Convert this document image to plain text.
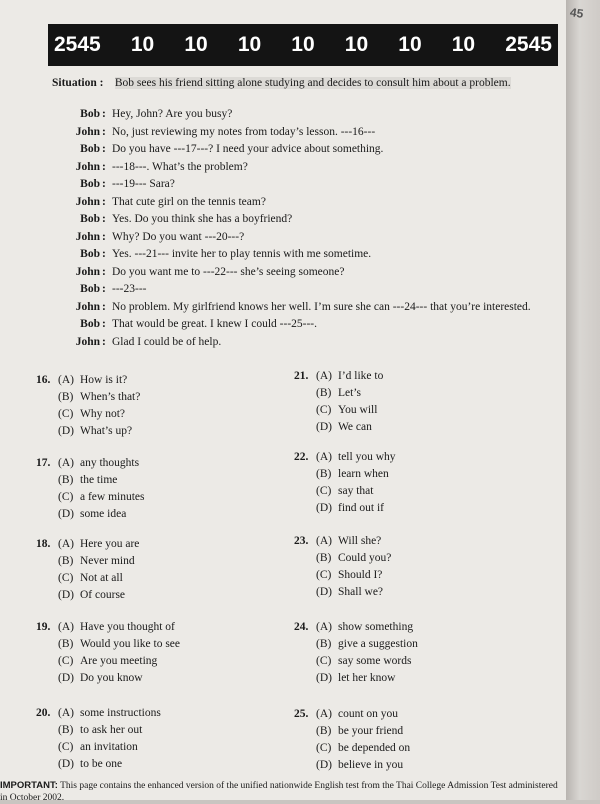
2545 10 10 10 10 10 10 10 2545
Situation : Bob sees his friend sitting alone studying and decides to consult him about a problem.
Bob : Hey, John? Are you busy?
John : No, just reviewing my notes from today’s lesson. ---16---
Bob : Do you have ---17---? I need your advice about something.
John : ---18---. What’s the problem?
Bob : ---19--- Sara?
John : That cute girl on the tennis team?
Bob : Yes. Do you think she has a boyfriend?
John : Why? Do you want ---20---?
Bob : Yes. ---21--- invite her to play tennis with me sometime.
John : Do you want me to ---22--- she’s seeing someone?
Bob : ---23---
John : No problem. My girlfriend knows her well. I’m sure she can ---24--- that you’re interested.
Bob : That would be great. I knew I could ---25---.
John : Glad I could be of help.
16. (A) How is it?
(B) When’s that?
(C) Why not?
(D) What’s up?
17. (A) any thoughts
(B) the time
(C) a few minutes
(D) some idea
18. (A) Here you are
(B) Never mind
(C) Not at all
(D) Of course
19. (A) Have you thought of
(B) Would you like to see
(C) Are you meeting
(D) Do you know
20. (A) some instructions
(B) to ask her out
(C) an invitation
(D) to be one
21. (A) I’d like to
(B) Let’s
(C) You will
(D) We can
22. (A) tell you why
(B) learn when
(C) say that
(D) find out if
23. (A) Will she?
(B) Could you?
(C) Should I?
(D) Shall we?
24. (A) show something
(B) give a suggestion
(C) say some words
(D) let her know
25. (A) count on you
(B) be your friend
(C) be depended on
(D) believe in you
IMPORTANT: This page contains the enhanced version of the unified nationwide English test from the Thai College Admission Test administered in October 2002.
45
